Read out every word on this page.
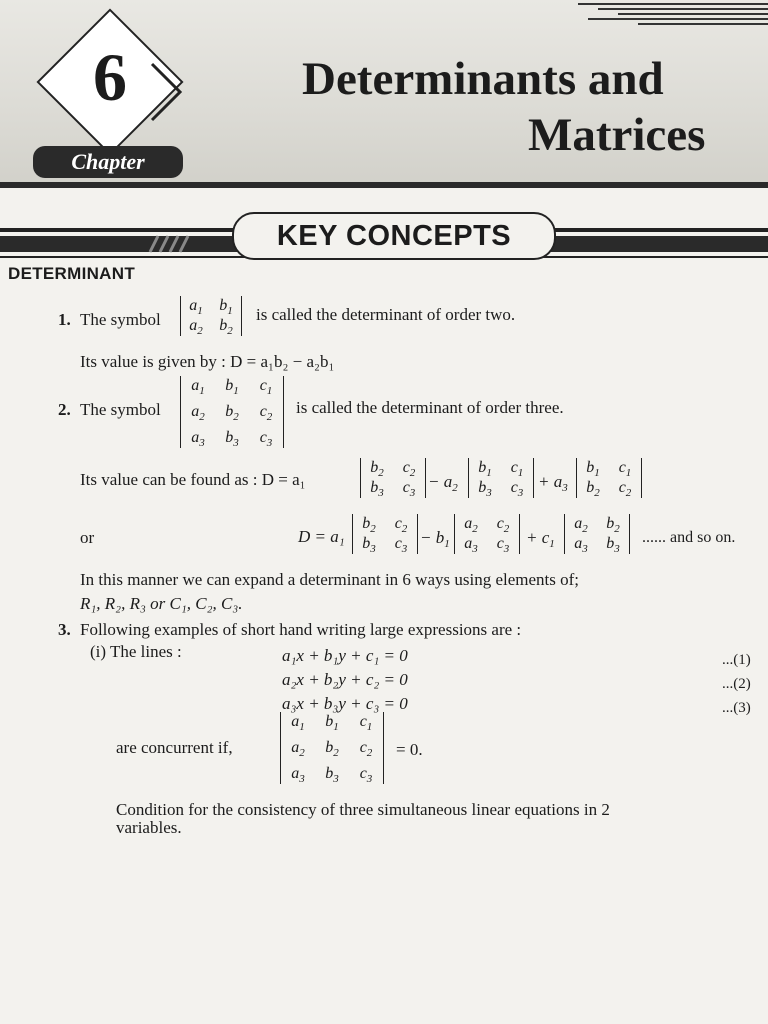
6
Chapter
Determinants and
Matrices
KEY CONCEPTS
DETERMINANT
1. The symbol
$a_1$ $b_1$
$a_2$ $b_2$
is called the determinant of order two.
Its value is given by : D = a₁b₂ − a₂b₁
2. The symbol
$a_1$	$b_1$	$c_1$
$a_2$	$b_2$	$c_2$
$a_3$	$b_3$	$c_3$
is called the determinant of order three.
Its value can be found as : D = a₁
$b_2$	$c_2$
$b_3$	$c_3$
− $a_2$
$b_1$	$c_1$
$b_3$	$c_3$
+ $a_3$
$b_1$	$c_1$
$b_2$	$c_2$
or	D = a₁
$b_2$	$c_2$
$b_3$	$c_3$
− $b_1$
$a_2$	$c_2$
$a_3$	$c_3$
+ $c_1$
$a_2$	$b_2$
$a_3$	$b_3$
...... and so on.
In this manner we can expand a determinant in 6 ways using elements of;
R₁, R₂, R₃ or C₁, C₂, C₃.
3. Following examples of short hand writing large expressions are :
(i) The lines :	a₁x + b₁y + c₁ = 0
a₂x + b₂y + c₂ = 0
a₃x + b₃y + c₃ = 0
...(1)
...(2)
...(3)
are concurrent if,
$a_1$	$b_1$	$c_1$
$a_2$	$b_2$	$c_2$
$a_3$	$b_3$	$c_3$
= 0.
Condition for the consistency of three simultaneous linear equations in 2
variables.
